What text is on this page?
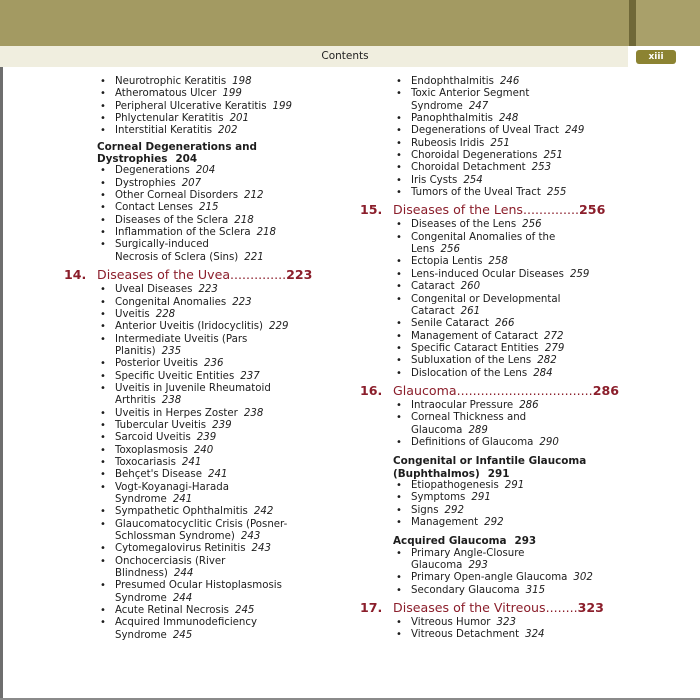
Contents	xiii
• Neurotrophic Keratitis 198
• Atheromatous Ulcer 199
• Peripheral Ulcerative Keratitis 199
• Phlyctenular Keratitis 201
• Interstitial Keratitis 202
Corneal Degenerations and
Dystrophies 204
• Degenerations 204
• Dystrophies 207
• Other Corneal Disorders 212
• Contact Lenses 215
• Diseases of the Sclera 218
• Inflammation of the Sclera 218
• Surgically-induced
Necrosis of Sclera (Sins) 221
14. Diseases of the Uvea..............223
• Uveal Diseases 223
• Congenital Anomalies 223
• Uveitis 228
• Anterior Uveitis (Iridocyclitis) 229
• Intermediate Uveitis (Pars
Planitis) 235
• Posterior Uveitis 236
• Specific Uveitic Entities 237
• Uveitis in Juvenile Rheumatoid
Arthritis 238
• Uveitis in Herpes Zoster 238
• Tubercular Uveitis 239
• Sarcoid Uveitis 239
• Toxoplasmosis 240
• Toxocariasis 241
• Behçet's Disease 241
• Vogt-Koyanagi-Harada
Syndrome 241
• Sympathetic Ophthalmitis 242
• Glaucomatocyclitic Crisis (Posner-
Schlossman Syndrome) 243
• Cytomegalovirus Retinitis 243
• Onchocerciasis (River
Blindness) 244
• Presumed Ocular Histoplasmosis
Syndrome 244
• Acute Retinal Necrosis 245
• Acquired Immunodeficiency
Syndrome 245
• Endophthalmitis 246
• Toxic Anterior Segment
Syndrome 247
• Panophthalmitis 248
• Degenerations of Uveal Tract 249
• Rubeosis Iridis 251
• Choroidal Degenerations 251
• Choroidal Detachment 253
• Iris Cysts 254
• Tumors of the Uveal Tract 255
15. Diseases of the Lens..............256
• Diseases of the Lens 256
• Congenital Anomalies of the
Lens 256
• Ectopia Lentis 258
• Lens-induced Ocular Diseases 259
• Cataract 260
• Congenital or Developmental
Cataract 261
• Senile Cataract 266
• Management of Cataract 272
• Specific Cataract Entities 279
• Subluxation of the Lens 282
• Dislocation of the Lens 284
16. Glaucoma..................................286
• Intraocular Pressure 286
• Corneal Thickness and
Glaucoma 289
• Definitions of Glaucoma 290
Congenital or Infantile Glaucoma
(Buphthalmos) 291
• Etiopathogenesis 291
• Symptoms 291
• Signs 292
• Management 292
Acquired Glaucoma 293
• Primary Angle-Closure
Glaucoma 293
• Primary Open-angle Glaucoma 302
• Secondary Glaucoma 315
17. Diseases of the Vitreous........323
• Vitreous Humor 323
• Vitreous Detachment 324
